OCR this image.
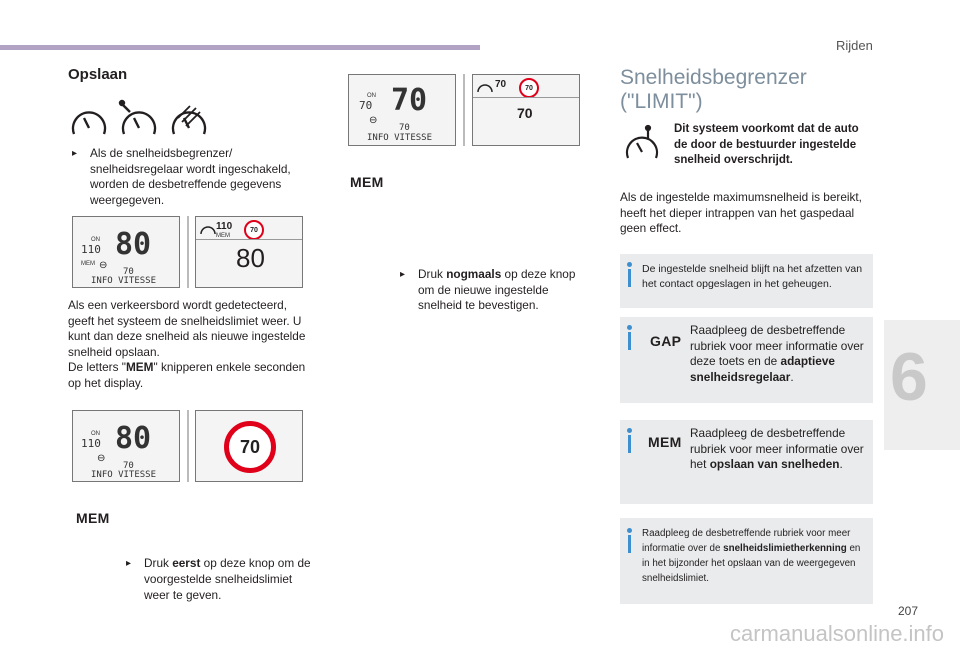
Rijden
6
207
carmanualsonline.info
Opslaan
▸ Als de snelheidsbegrenzer/ snelheidsregelaar wordt ingeschakeld, worden de desbetreffende gegevens weergegeven.
ON
110
MEM ⊖
80
70
INFO VITESSE
110
MEM
70
80
Als een verkeersbord wordt gedetecteerd, geeft het systeem de snelheidslimiet weer. U kunt dan deze snelheid als nieuwe ingestelde snelheid opslaan.
De letters "MEM" knipperen enkele seconden op het display.
ON
110
⊖
80
70
INFO VITESSE
70
MEM
▸ Druk eerst op deze knop om de voorgestelde snelheidslimiet weer te geven.
ON
70
⊖
70
70
INFO VITESSE
70	70
70
MEM
▸ Druk nogmaals op deze knop om de nieuwe ingestelde snelheid te bevestigen.
Snelheidsbegrenzer ("LIMIT")
Dit systeem voorkomt dat de auto de door de bestuurder ingestelde snelheid overschrijdt.
Als de ingestelde maximumsnelheid is bereikt, heeft het dieper intrappen van het gaspedaal geen effect.
De ingestelde snelheid blijft na het afzetten van het contact opgeslagen in het geheugen.
GAP
Raadpleeg de desbetreffende rubriek voor meer informatie over deze toets en de adaptieve snelheidsregelaar.
MEM
Raadpleeg de desbetreffende rubriek voor meer informatie over het opslaan van snelheden.
Raadpleeg de desbetreffende rubriek voor meer informatie over de snelheidslimietherkenning en in het bijzonder het opslaan van de weergegeven snelheidslimiet.
